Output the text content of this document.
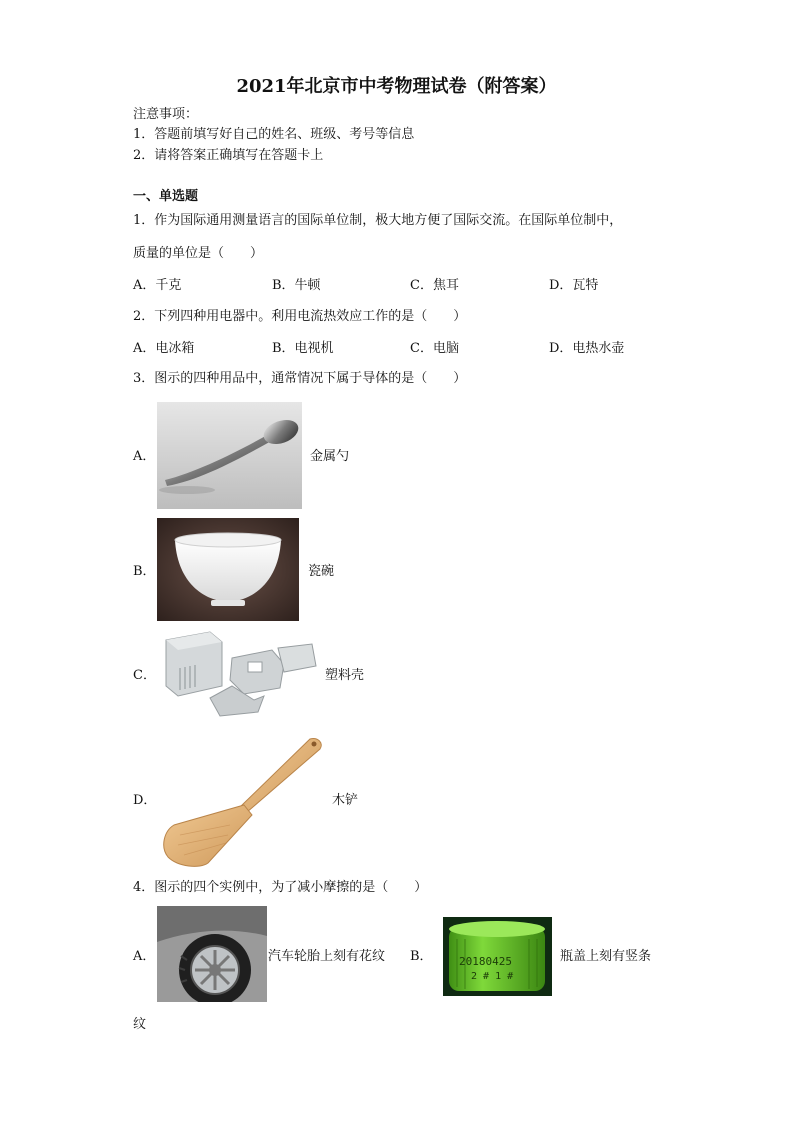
2021年北京市中考物理试卷（附答案）
注意事项：
1．答题前填写好自己的姓名、班级、考号等信息
2．请将答案正确填写在答题卡上
一、单选题
1．作为国际通用测量语言的国际单位制，极大地方便了国际交流。在国际单位制中，
质量的单位是（　　）
A．千克	B．牛顿	C．焦耳	D．瓦特
2．下列四种用电器中。利用电流热效应工作的是（　　）
A．电冰箱	B．电视机	C．电脑	D．电热水壶
3．图示的四种用品中，通常情况下属于导体的是（　　）
A．	金属勺
B．	瓷碗
C．	塑料壳
D．	木铲
4．图示的四个实例中，为了减小摩擦的是（　　）
A．	汽车轮胎上刻有花纹 B． 20180425
2 # 1 #
瓶盖上刻有竖条
纹
